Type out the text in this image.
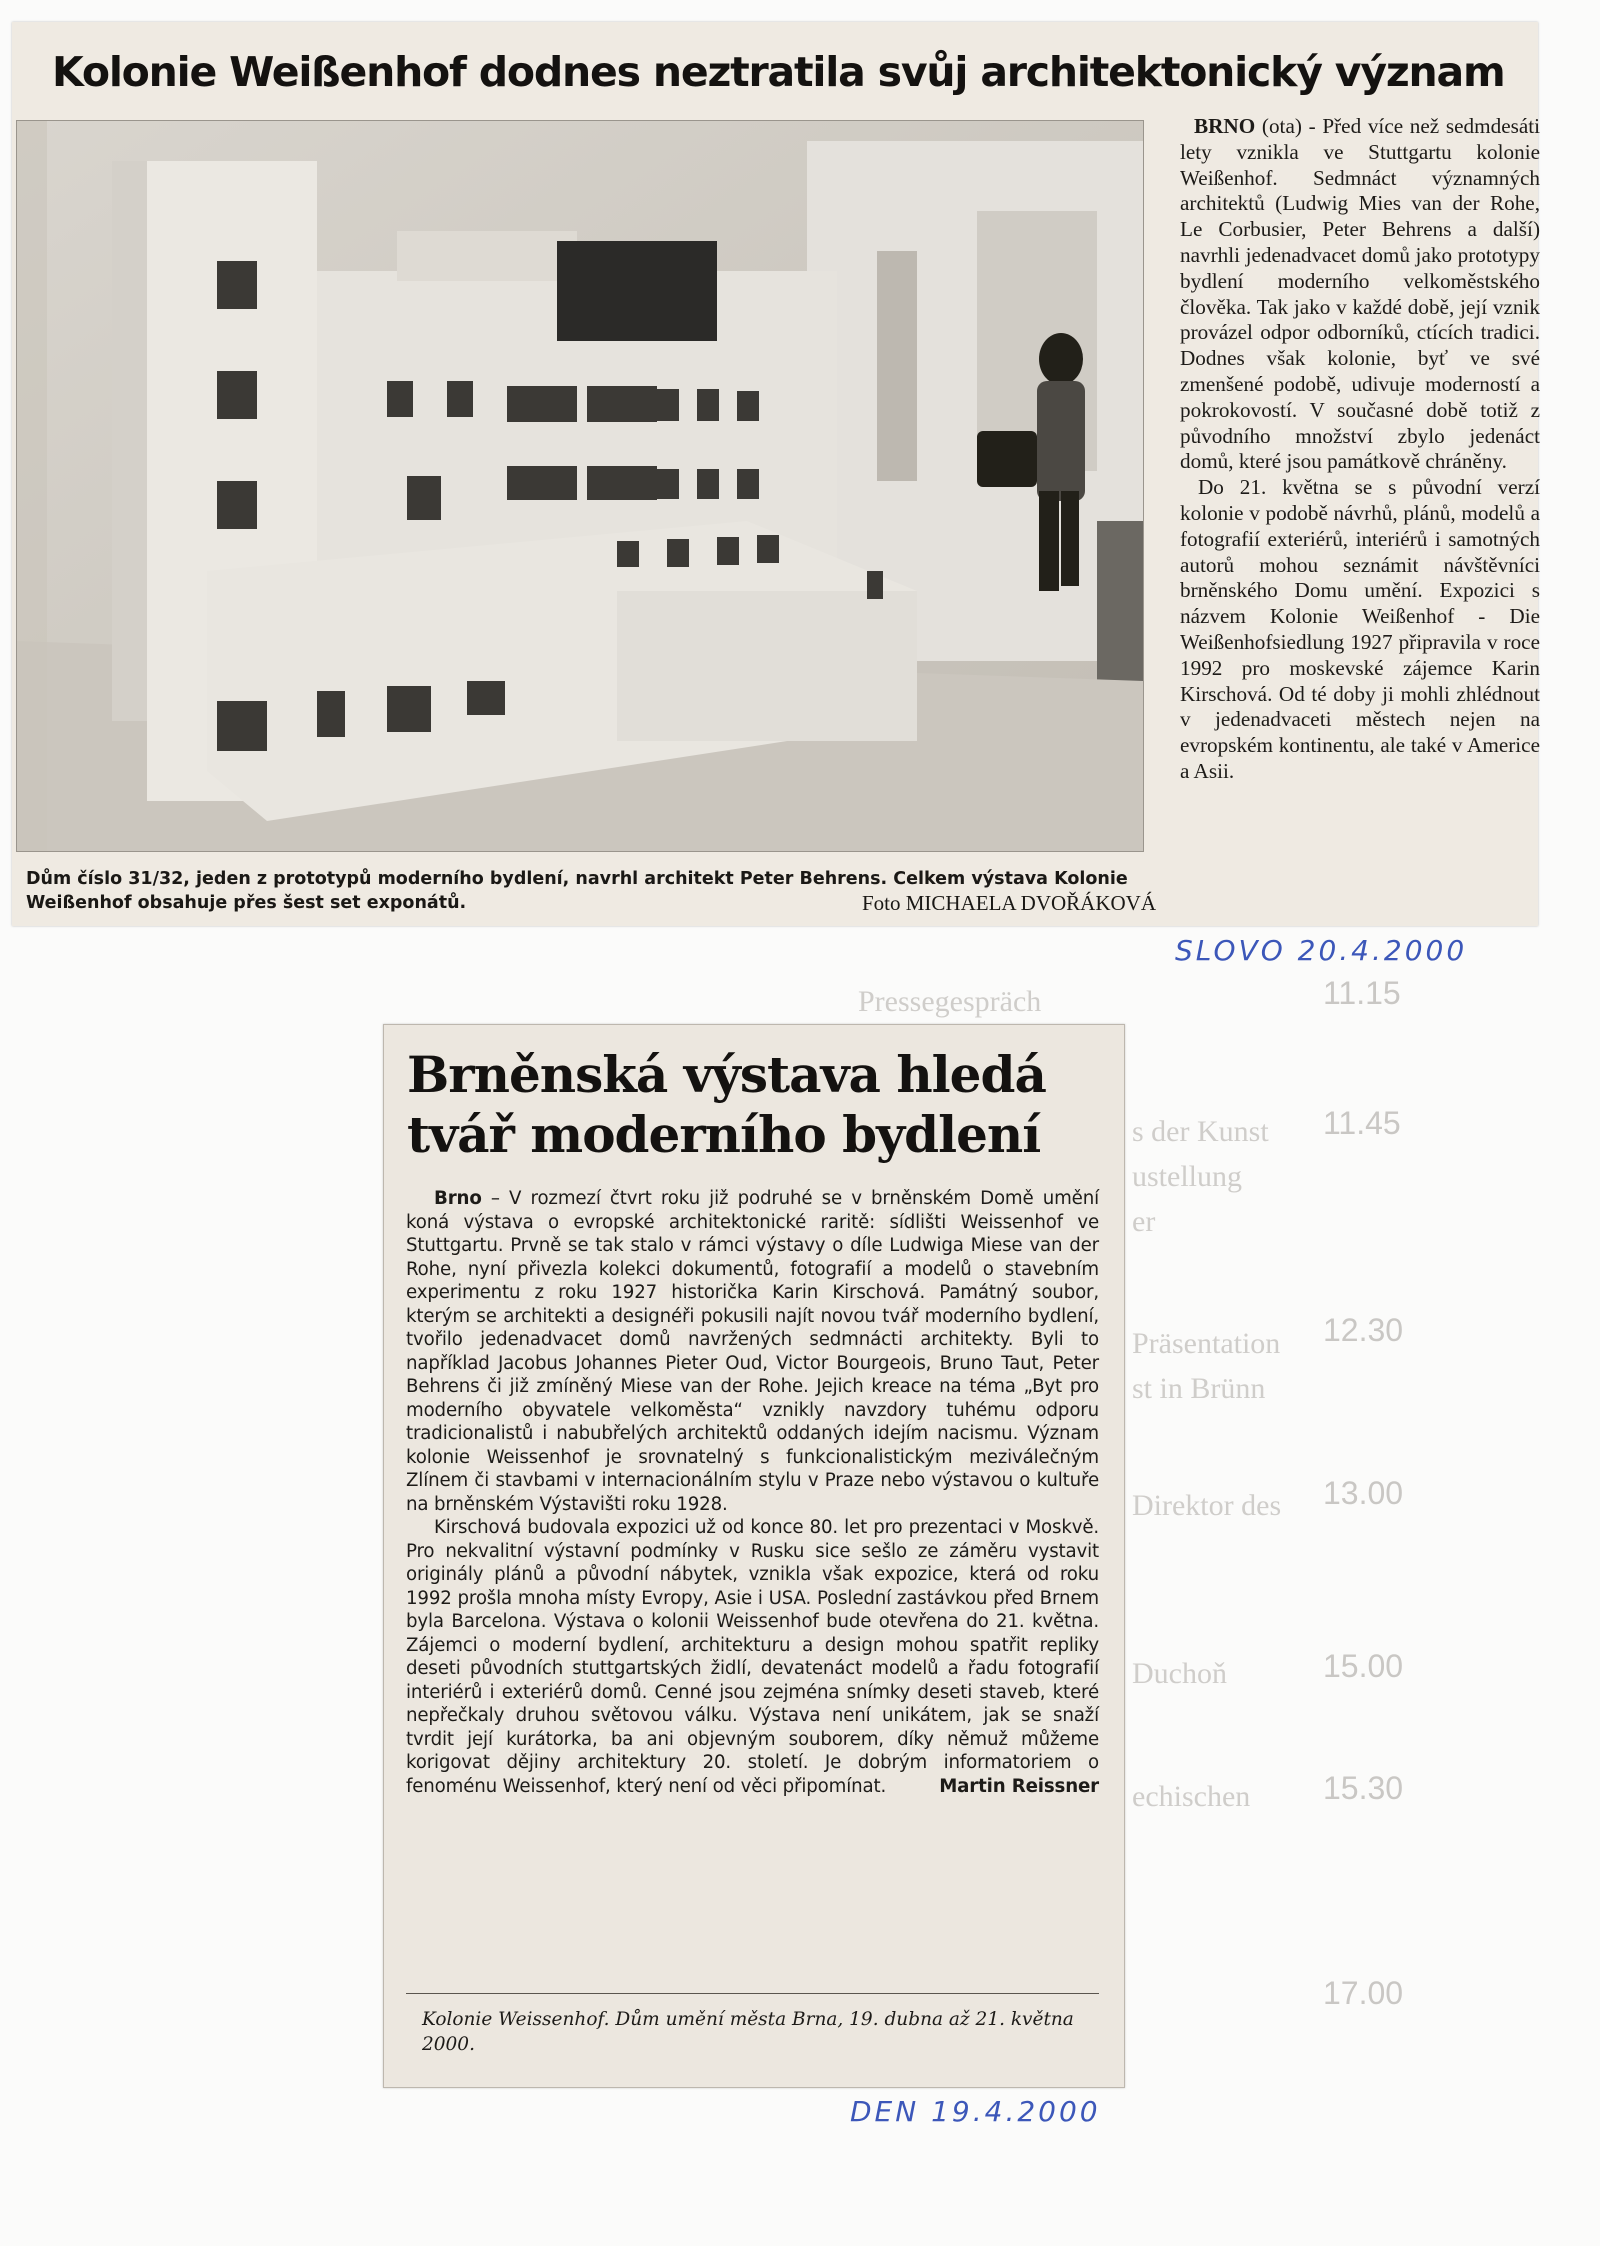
11.15
Pressegespräch
11.45
s der Kunst
ustellung
er
12.30
Präsentation
st in Brünn
13.00
Direktor des
15.00
Duchoň
15.30
echischen
17.00
Kolonie Weißenhof dodnes neztratila svůj architektonický význam

Dům číslo 31/32, jeden z prototypů moderního bydlení, navrhl architekt Peter Behrens. Celkem výstava Kolonie Weißenhof obsahuje přes šest set exponátů.	Foto MICHAELA DVOŘÁKOVÁ

BRNO (ota) - Před více než sedmdesáti lety vznikla ve Stuttgartu kolonie Weißenhof. Sedmnáct významných architektů (Ludwig Mies van der Rohe, Le Corbusier, Peter Behrens a další) navrhli jedenadvacet domů jako prototypy bydlení moderního velkoměstského člověka. Tak jako v každé době, její vznik provázel odpor odborníků, ctících tradici. Dodnes však kolonie, byť ve své zmenšené podobě, udivuje moderností a pokrokovostí. V současné době totiž z původního množství zbylo jedenáct domů, které jsou památkově chráněny.

Do 21. května se s původní verzí kolonie v podobě návrhů, plánů, modelů a fotografií exteriérů, interiérů i samotných autorů mohou seznámit návštěvníci brněnského Domu umění. Expozici s názvem Kolonie Weißenhof - Die Weißenhofsiedlung 1927 připravila v roce 1992 pro moskevské zájemce Karin Kirschová. Od té doby ji mohli zhlédnout v jedenadvaceti městech nejen na evropském kontinentu, ale také v Americe a Asii.

SLOVO 20.4.2000
Brněnská výstava hledá tvář moderního bydlení

Brno – V rozmezí čtvrt roku již podruhé se v brněnském Domě umění koná výstava o evropské architektonické raritě: sídlišti Weissenhof ve Stuttgartu. Prvně se tak stalo v rámci výstavy o díle Ludwiga Miese van der Rohe, nyní přivezla kolekci dokumentů, fotografií a modelů o stavebním experimentu z roku 1927 historička Karin Kirschová. Památný soubor, kterým se architekti a designéři pokusili najít novou tvář moderního bydlení, tvořilo jedenadvacet domů navržených sedmnácti architekty. Byli to například Jacobus Johannes Pieter Oud, Victor Bourgeois, Bruno Taut, Peter Behrens či již zmíněný Miese van der Rohe. Jejich kreace na téma „Byt pro moderního obyvatele velkoměsta“ vznikly navzdory tuhému odporu tradicionalistů i nabubřelých architektů oddaných idejím nacismu. Význam kolonie Weissenhof je srovnatelný s funkcionalistickým meziválečným Zlínem či stavbami v internacionálním stylu v Praze nebo výstavou o kultuře na brněnském Výstavišti roku 1928.

Kirschová budovala expozici už od konce 80. let pro prezentaci v Moskvě. Pro nekvalitní výstavní podmínky v Rusku sice sešlo ze záměru vystavit originály plánů a původní nábytek, vznikla však expozice, která od roku 1992 prošla mnoha místy Evropy, Asie i USA. Poslední zastávkou před Brnem byla Barcelona. Výstava o kolonii Weissenhof bude otevřena do 21. května. Zájemci o moderní bydlení, architekturu a design mohou spatřit repliky deseti původních stuttgartských židlí, devatenáct modelů a řadu fotografií interiérů i exteriérů domů. Cenné jsou zejména snímky deseti staveb, které nepřečkaly druhou světovou válku. Výstava není unikátem, jak se snaží tvrdit její kurátorka, ba ani objevným souborem, díky němuž můžeme korigovat dějiny architektury 20. století. Je dobrým informatoriem o fenoménu Weissenhof, který není od věci připomínat.	Martin Reissner

Kolonie Weissenhof. Dům umění města Brna, 19. dubna až 21. května 2000.

DEN 19.4.2000
